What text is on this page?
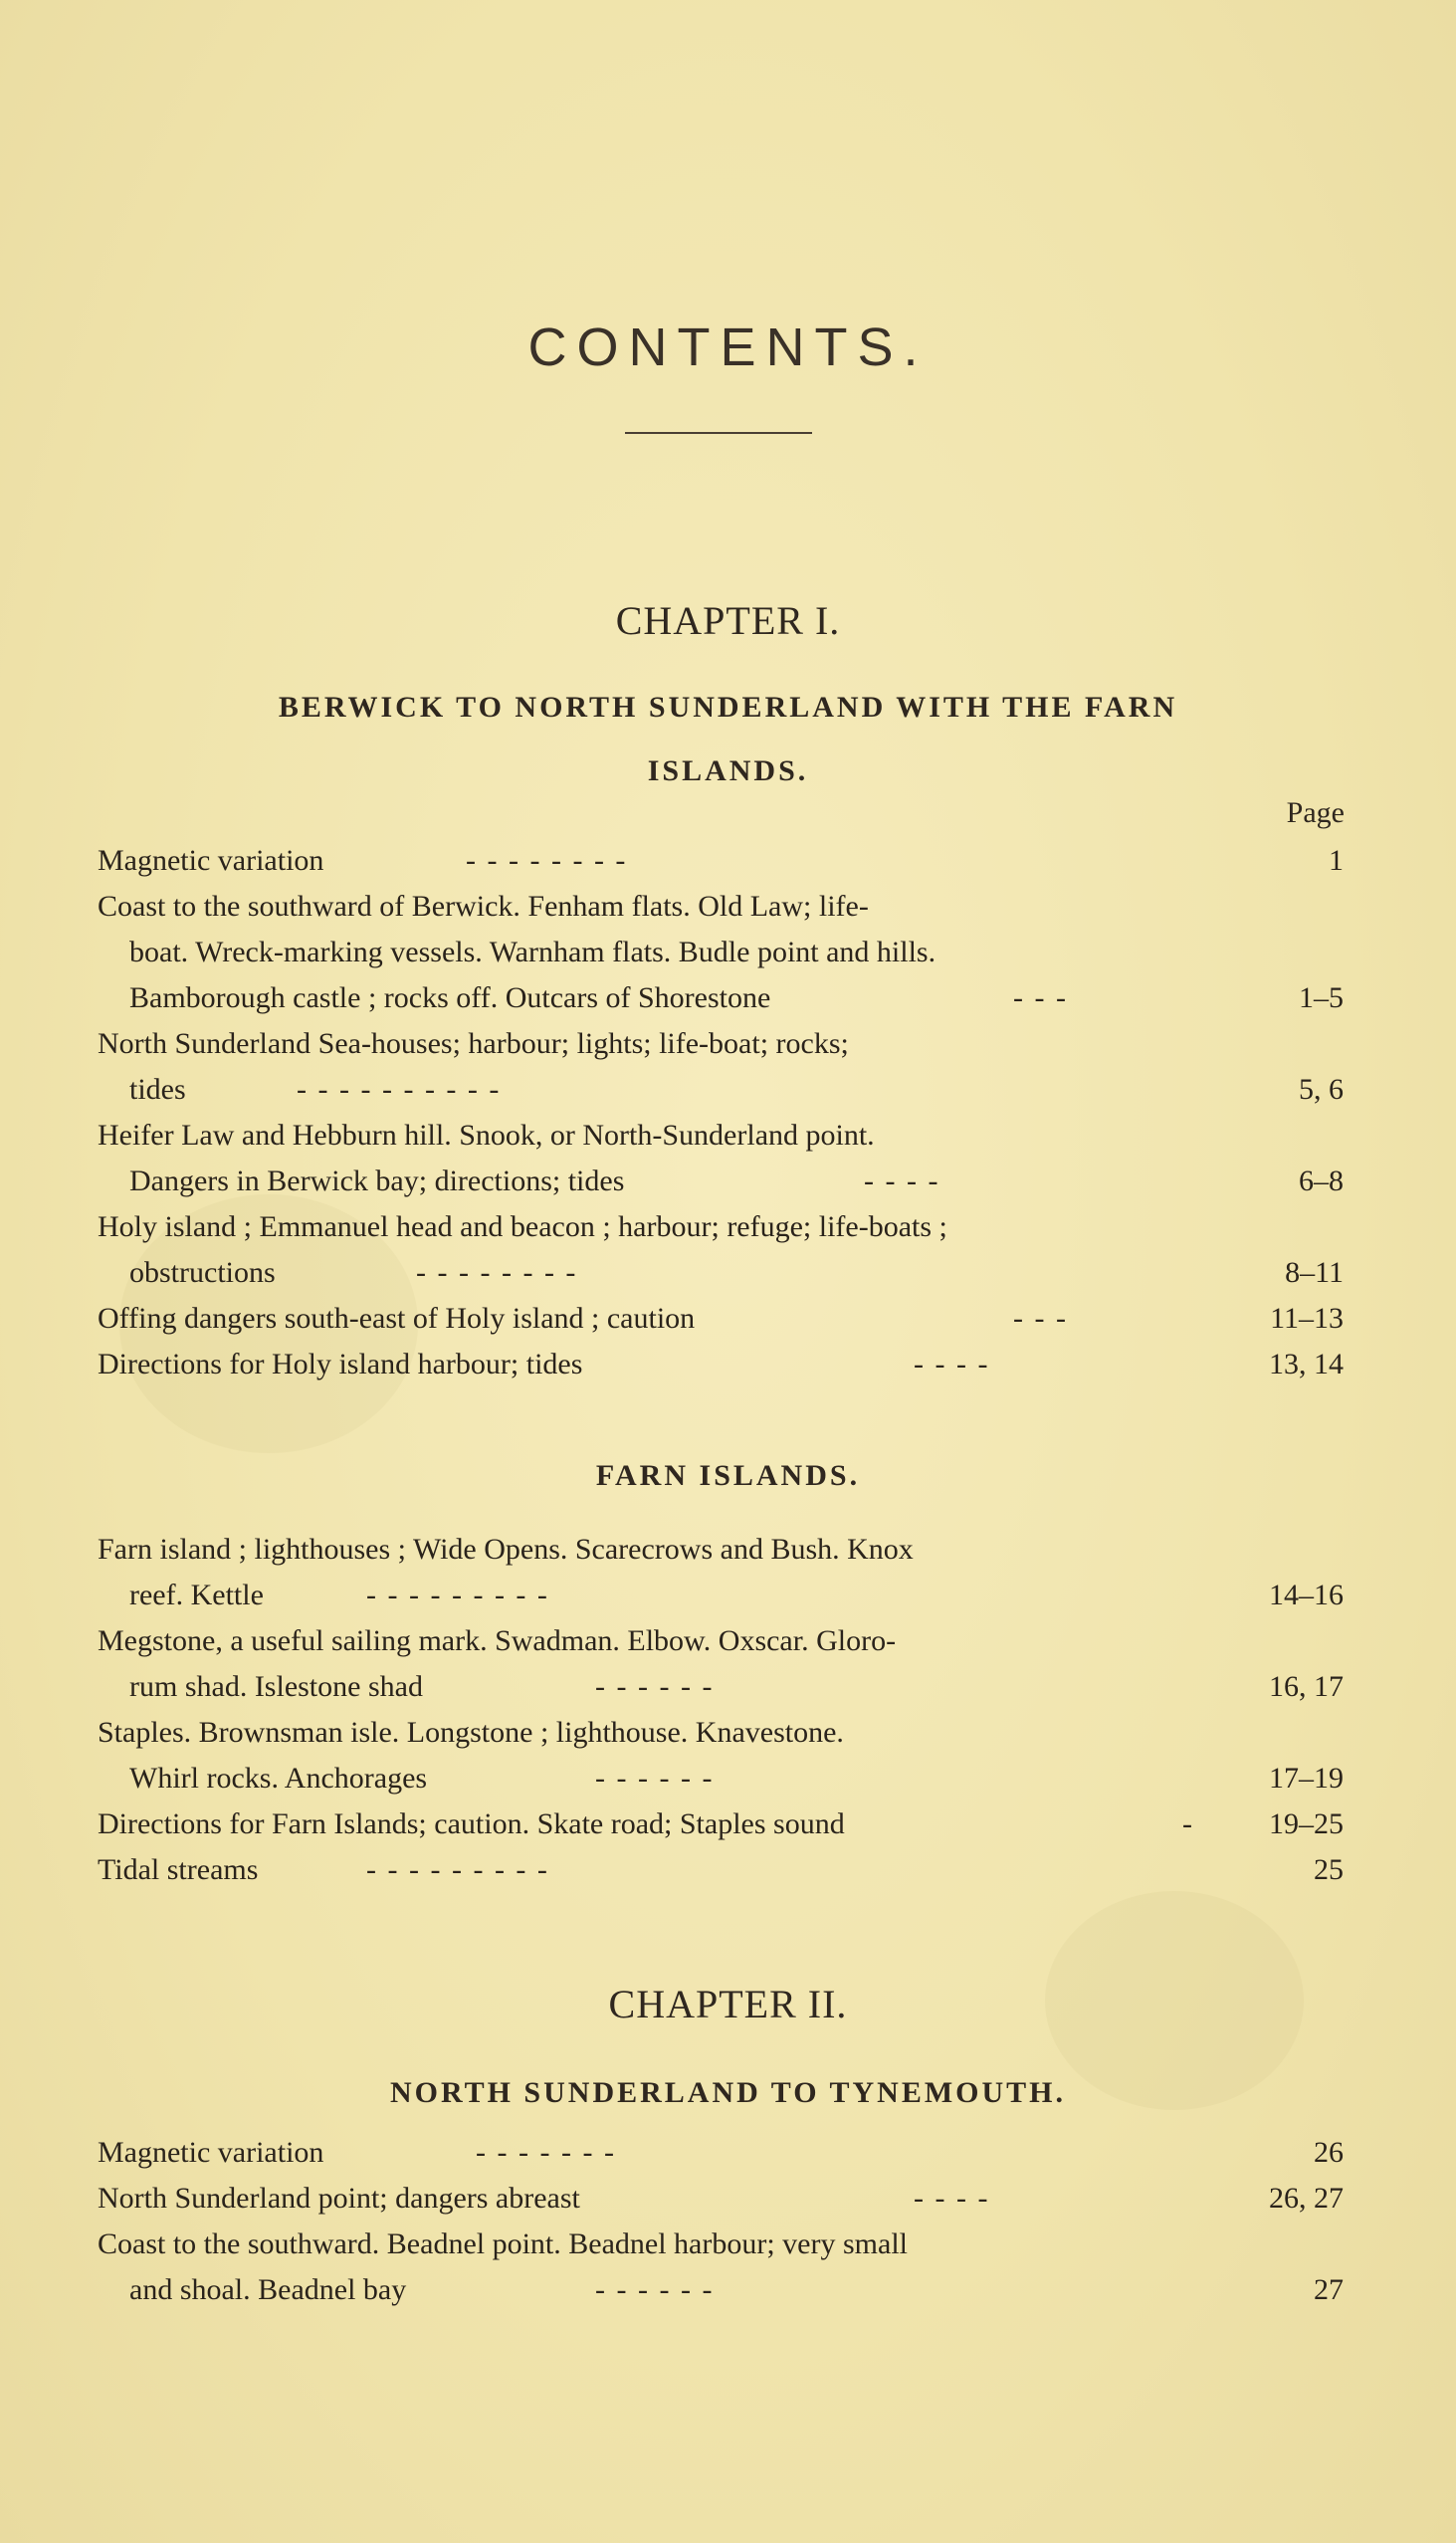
CONTENTS.
CHAPTER I.
BERWICK TO NORTH SUNDERLAND WITH THE FARN
ISLANDS.
Page
Magnetic variation	- - - - - - - -	1
Coast to the southward of Berwick. Fenham flats. Old Law; life-
boat. Wreck-marking vessels. Warnham flats. Budle point and hills.
Bamborough castle ; rocks off. Outcars of Shorestone	- - -	1–5
North Sunderland Sea-houses; harbour; lights; life-boat; rocks;
tides	- - - - - - - - - -	5, 6
Heifer Law and Hebburn hill. Snook, or North-Sunderland point.
Dangers in Berwick bay; directions; tides	- - - -	6–8
Holy island ; Emmanuel head and beacon ; harbour; refuge; life-boats ;
obstructions	- - - - - - - -	8–11
Offing dangers south-east of Holy island ; caution	- - -	11–13
Directions for Holy island harbour; tides	- - - -	13, 14
FARN ISLANDS.
Farn island ; lighthouses ; Wide Opens. Scarecrows and Bush. Knox
reef. Kettle	- - - - - - - - -	14–16
Megstone, a useful sailing mark. Swadman. Elbow. Oxscar. Gloro-
rum shad. Islestone shad	- - - - - -	16, 17
Staples. Brownsman isle. Longstone ; lighthouse. Knavestone.
Whirl rocks. Anchorages	- - - - - -	17–19
Directions for Farn Islands; caution. Skate road; Staples sound	-	19–25
Tidal streams	- - - - - - - - -	25
CHAPTER II.
NORTH SUNDERLAND TO TYNEMOUTH.
Magnetic variation	- - - - - - -	26
North Sunderland point; dangers abreast	- - - -	26, 27
Coast to the southward. Beadnel point. Beadnel harbour; very small
and shoal. Beadnel bay	- - - - - -	27
